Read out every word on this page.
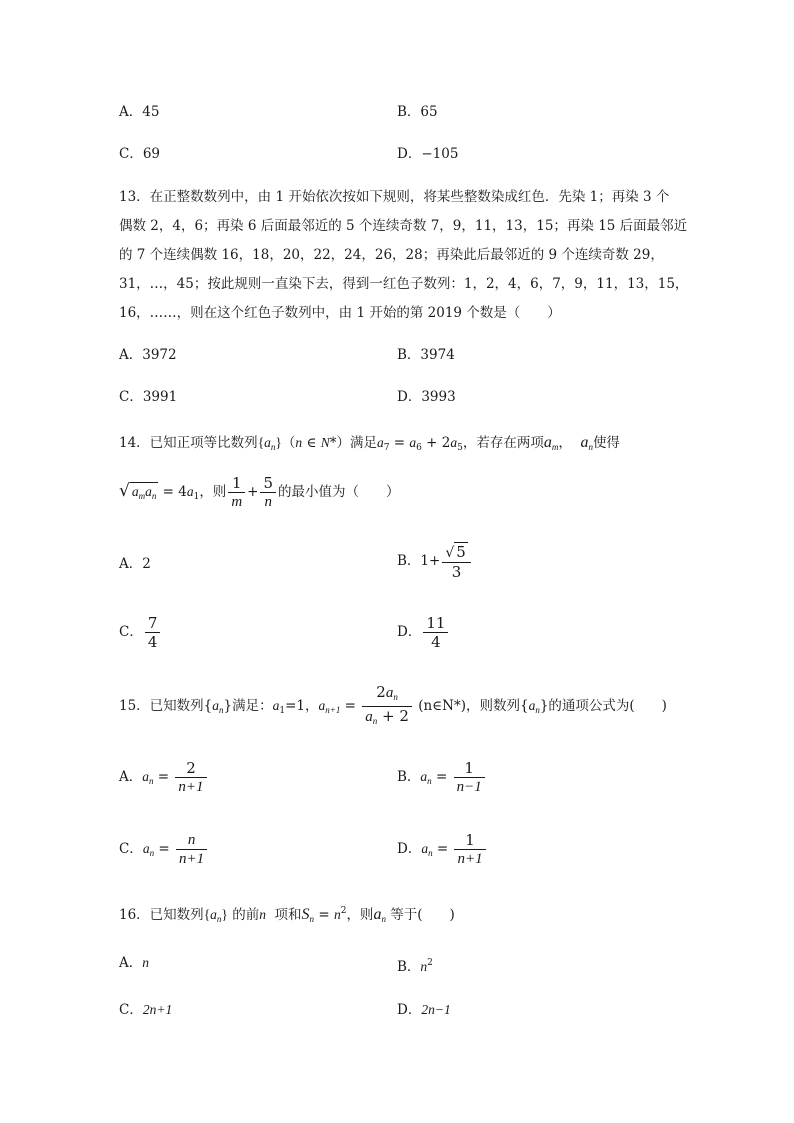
A．45	B．65
C．69	D．−105
13．在正整数数列中，由 1 开始依次按如下规则，将某些整数染成红色．先染 1；再染 3 个
偶数 2，4，6；再染 6 后面最邻近的 5 个连续奇数 7，9，11，13，15；再染 15 后面最邻近
的 7 个连续偶数 16，18，20，22，24，26，28；再染此后最邻近的 9 个连续奇数 29，
31，…，45；按此规则一直染下去，得到一红色子数列：1，2，4，6，7，9，11，13，15，
16，……，则在这个红色子数列中，由 1 开始的第 2019 个数是（　　）
A．3972	B．3974
C．3991	D．3993
14．已知正项等比数列$\{a_n\}(n$ ∈ N*）满足$a_7 = a_6 + 2a_5$，若存在两项$a_m$，  $a_n$使得
√ $a_ma_n = 4a_1$，则 $\frac{1}{m} + \frac{5}{n}$ 的最小值为（　　）
A．2	B．$1+ \frac{√ 5}{3}$
C． $\frac{7}{4}$	D． $\frac{11}{4}$
15．已知数列$\{a_n\}$满足：$a_1=1$，$a_{n+1} = \frac{2a_n}{a_n + 2}$ (n∈N*)，则数列$\{a_n\}$的通项公式为(　　)
A．$a_n = \frac{2}{n+1}$	B．$a_n = \frac{1}{n-1}$
C．$a_n = \frac{n}{n+1}$	D．$a_n = \frac{1}{n+1}$
16．已知数列$\{a_n\}$ 的前n 项和$S_n = n^2$，则$a_n$ 等于(　　)
A．n	B．$n^2$
C．2n+1	D．2n−1
